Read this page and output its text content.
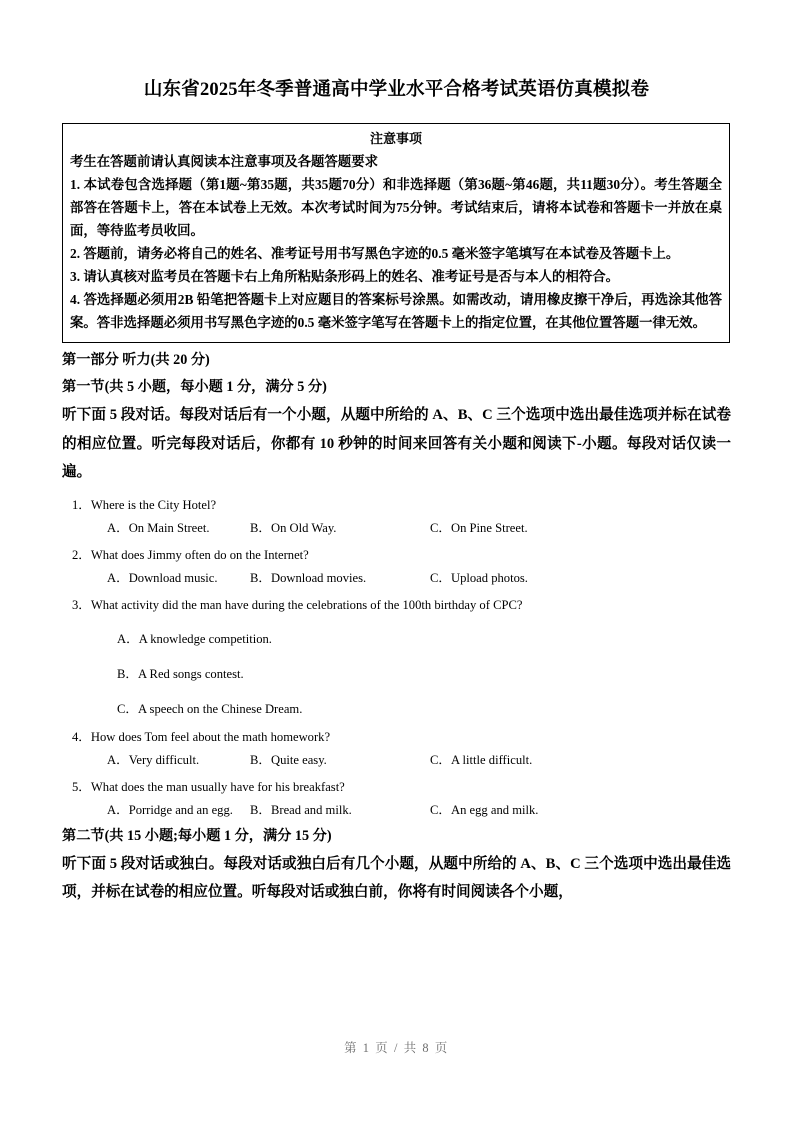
山东省2025年冬季普通高中学业水平合格考试英语仿真模拟卷
注意事项

考生在答题前请认真阅读本注意事项及各题答题要求

1. 本试卷包含选择题（第1题~第35题，共35题70分）和非选择题（第36题~第46题，共11题30分）。考生答题全部答在答题卡上，答在本试卷上无效。本次考试时间为75分钟。考试结束后，请将本试卷和答题卡一并放在桌面，等待监考员收回。

2. 答题前，请务必将自己的姓名、准考证号用书写黑色字迹的0.5 毫米签字笔填写在本试卷及答题卡上。

3. 请认真核对监考员在答题卡右上角所粘贴条形码上的姓名、准考证号是否与本人的相符合。

4. 答选择题必须用2B 铅笔把答题卡上对应题目的答案标号涂黑。如需改动，请用橡皮擦干净后，再选涂其他答案。答非选择题必须用书写黑色字迹的0.5 毫米签字笔写在答题卡上的指定位置，在其他位置答题一律无效。

第一部分 听力(共 20 分)

第一节(共 5 小题，每小题 1 分，满分 5 分)

听下面 5 段对话。每段对话后有一个小题，从题中所给的 A、B、C 三个选项中选出最佳选项并标在试卷的相应位置。听完每段对话后，你都有 10 秒钟的时间来回答有关小题和阅读下-小题。每段对话仅读一遍。

1．Where is the City Hotel?

A．On Main Street.	B．On Old Way.	C．On Pine Street.

2．What does Jimmy often do on the Internet?

A．Download music.	B．Download movies.	C．Upload photos.

3．What activity did the man have during the celebrations of the 100th birthday of CPC?

A．A knowledge competition.

B．A Red songs contest.

C．A speech on the Chinese Dream.

4．How does Tom feel about the math homework?

A．Very difficult.	B．Quite easy.	C．A little difficult.

5．What does the man usually have for his breakfast?

A．Porridge and an egg. B．Bread and milk.	C．An egg and milk.

第二节(共 15 小题;每小题 1 分，满分 15 分)

听下面 5 段对话或独白。每段对话或独白后有几个小题，从题中所给的 A、B、C 三个选项中选出最佳选项，并标在试卷的相应位置。听每段对话或独白前，你将有时间阅读各个小题，

第 1 页 / 共 8 页
